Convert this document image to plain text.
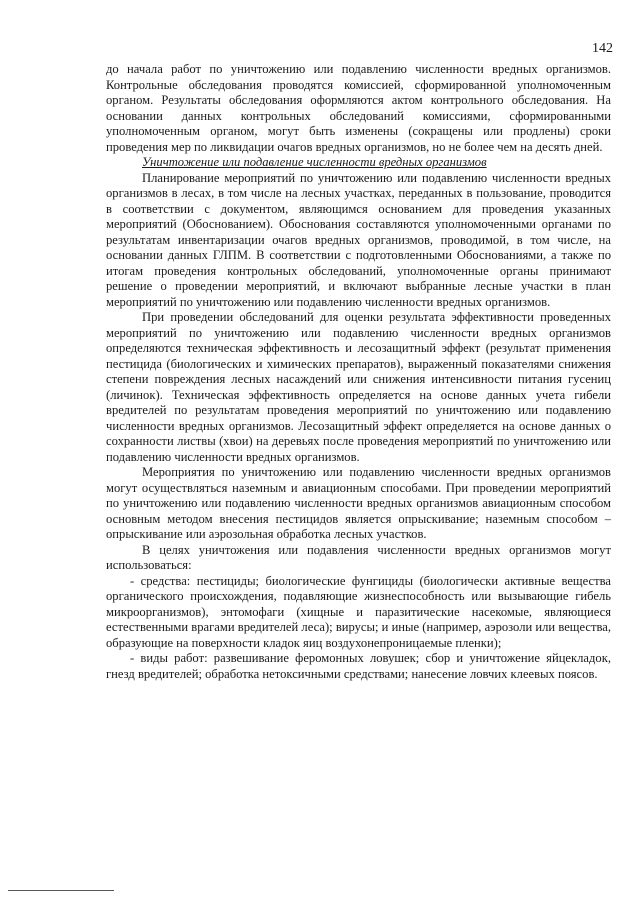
142

до начала работ по уничтожению или подавлению численности вредных организмов. Контрольные обследования проводятся комиссией, сформированной уполномоченным органом. Результаты обследования оформляются актом контрольного обследования. На основании данных контрольных обследований комиссиями, сформированными уполномоченным органом, могут быть изменены (сокращены или продлены) сроки проведения мер по ликвидации очагов вредных организмов, но не более чем на десять дней.

Уничтожение или подавление численности вредных организмов

Планирование мероприятий по уничтожению или подавлению численности вредных организмов в лесах, в том числе на лесных участках, переданных в пользование, проводится в соответствии с документом, являющимся основанием для проведения указанных мероприятий (Обоснованием). Обоснования составляются уполномоченными органами по результатам инвентаризации очагов вредных организмов, проводимой, в том числе, на основании данных ГЛПМ. В соответствии с подготовленными Обоснованиями, а также по итогам проведения контрольных обследований, уполномоченные органы принимают решение о проведении мероприятий, и включают выбранные лесные участки в план мероприятий по уничтожению или подавлению численности вредных организмов.

При проведении обследований для оценки результата эффективности проведенных мероприятий по уничтожению или подавлению численности вредных организмов определяются техническая эффективность и лесозащитный эффект (результат применения пестицида (биологических и химических препаратов), выраженный показателями снижения степени повреждения лесных насаждений или снижения интенсивности питания гусениц (личинок). Техническая эффективность определяется на основе данных учета гибели вредителей по результатам проведения мероприятий по уничтожению или подавлению численности вредных организмов. Лесозащитный эффект определяется на основе данных о сохранности листвы (хвои) на деревьях после проведения мероприятий по уничтожению или подавлению численности вредных организмов.

Мероприятия по уничтожению или подавлению численности вредных организмов могут осуществляться наземным и авиационным способами. При проведении мероприятий по уничтожению или подавлению численности вредных организмов авиационным способом основным методом внесения пестицидов является опрыскивание; наземным способом – опрыскивание или аэрозольная обработка лесных участков.

В целях уничтожения или подавления численности вредных организмов могут использоваться:

- средства: пестициды; биологические фунгициды (биологически активные вещества органического происхождения, подавляющие жизнеспособность или вызывающие гибель микроорганизмов), энтомофаги (хищные и паразитические насекомые, являющиеся естественными врагами вредителей леса); вирусы; и иные (например, аэрозоли или вещества, образующие на поверхности кладок яиц воздухонепроницаемые пленки);

- виды работ: развешивание феромонных ловушек; сбор и уничтожение яйцекладок, гнезд вредителей; обработка нетоксичными средствами; нанесение ловчих клеевых поясов.
